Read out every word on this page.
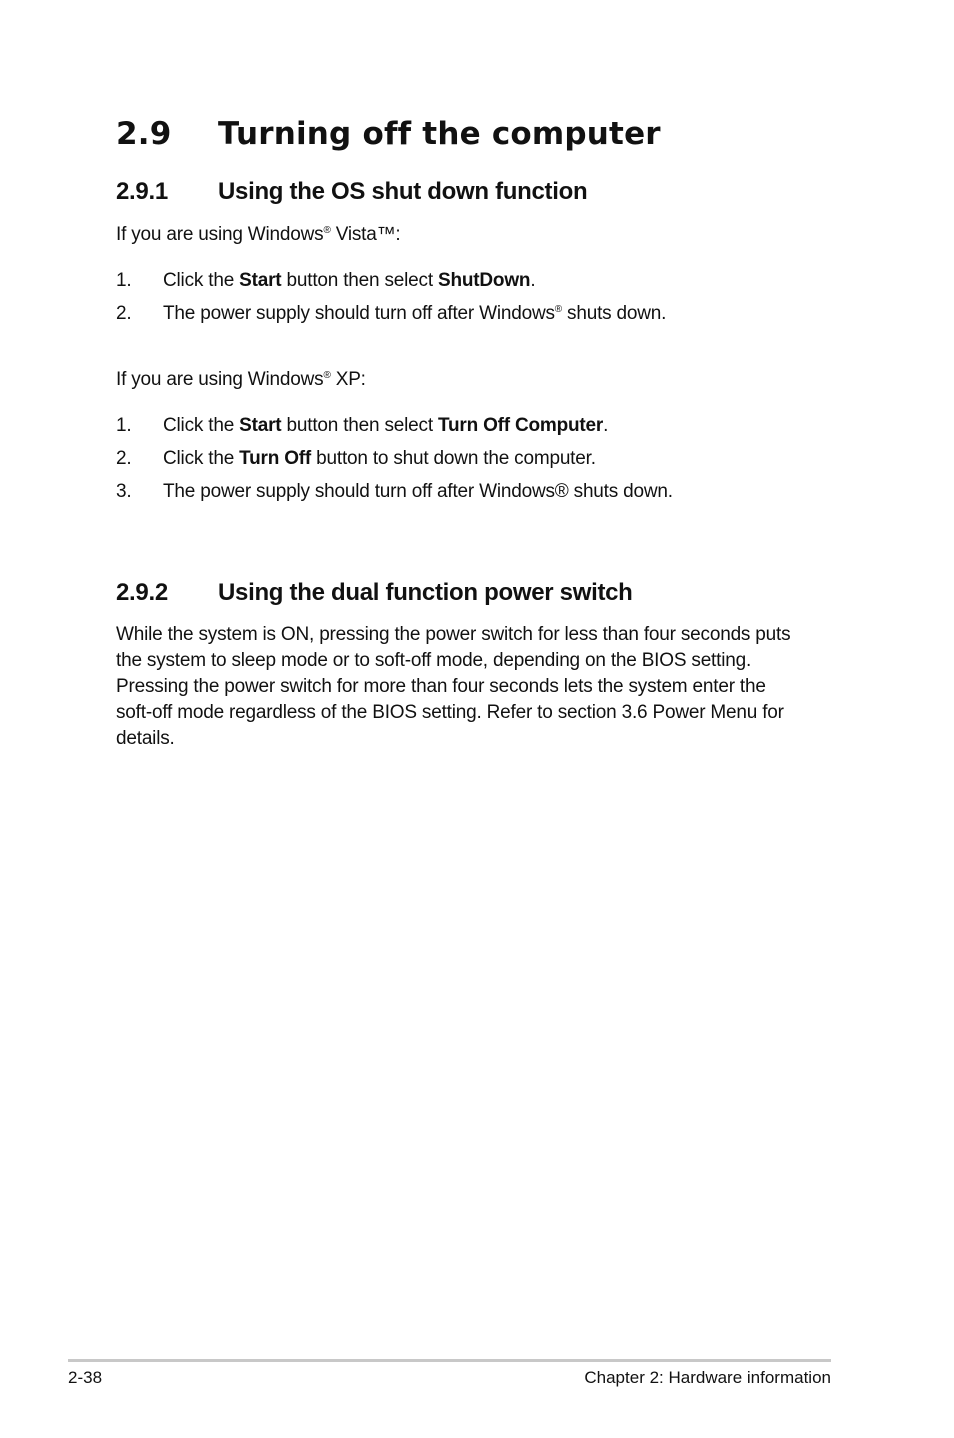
2.9 Turning off the computer
2.9.1 Using the OS shut down function
If you are using Windows® Vista™:
1. Click the Start button then select ShutDown.
2. The power supply should turn off after Windows® shuts down.
If you are using Windows® XP:
1. Click the Start button then select Turn Off Computer.
2. Click the Turn Off button to shut down the computer.
3. The power supply should turn off after Windows® shuts down.
2.9.2 Using the dual function power switch
While the system is ON, pressing the power switch for less than four seconds puts
the system to sleep mode or to soft-off mode, depending on the BIOS setting.
Pressing the power switch for more than four seconds lets the system enter the
soft-off mode regardless of the BIOS setting. Refer to section 3.6 Power Menu for
details.
2-38	Chapter 2: Hardware information
